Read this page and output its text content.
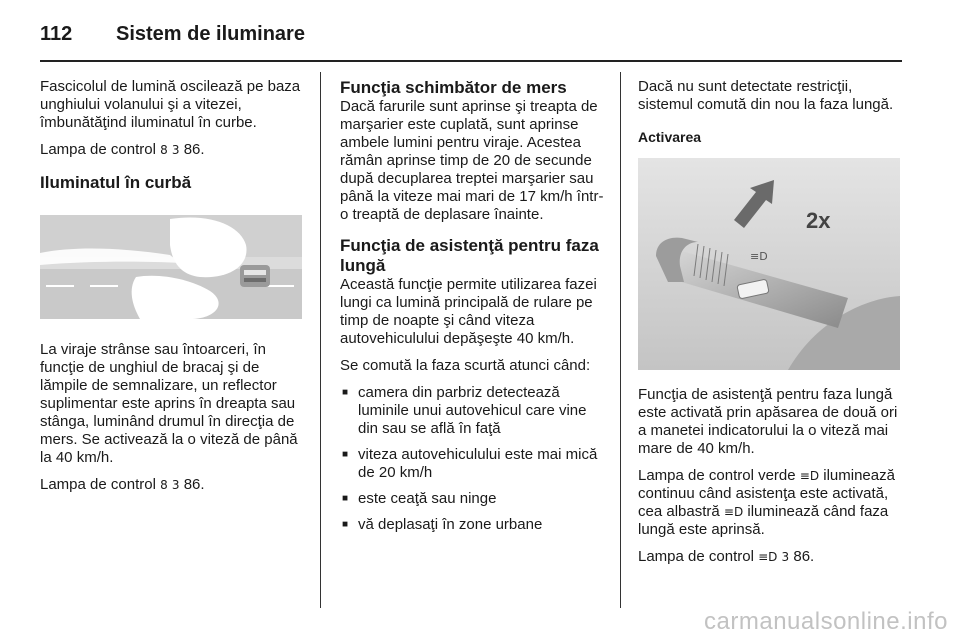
112	Sistem de iluminare

Fascicolul de lumină oscilează pe baza unghiului volanului şi a vitezei, îmbunătăţind iluminatul în curbe.

Lampa de control 8 3 86.

Iluminatul în curbă

La viraje strânse sau întoarceri, în funcţie de unghiul de bracaj şi de lămpile de semnalizare, un reflector suplimentar este aprins în dreapta sau stânga, luminând drumul în direcţia de mers. Se activează la o viteză de până la 40 km/h.

Lampa de control 8 3 86.

Funcţia schimbător de mers

Dacă farurile sunt aprinse şi treapta de marşarier este cuplată, sunt aprinse ambele lumini pentru viraje. Acestea rămân aprinse timp de 20 de secunde după decuplarea treptei marşarier sau până la viteze mai mari de 17 km/h într-o treaptă de deplasare înainte.

Funcţia de asistenţă pentru faza lungă

Această funcţie permite utilizarea fazei lungi ca lumină principală de rulare pe timp de noapte şi când viteza autovehiculului depăşeşte 40 km/h.

Se comută la faza scurtă atunci când:

■ camera din parbriz detectează luminile unui autovehicul care vine din sau se află în faţă
■ viteza autovehiculului este mai mică de 20 km/h
■ este ceaţă sau ninge
■ vă deplasaţi în zone urbane

Dacă nu sunt detectate restricţii, sistemul comută din nou la faza lungă.

Activarea
2x
≡D

Funcţia de asistenţă pentru faza lungă este activată prin apăsarea de două ori a manetei indicatorului la o viteză mai mare de 40 km/h.

Lampa de control verde ≡D iluminează continuu când asistenţa este activată, cea albastră ≡D iluminează când faza lungă este aprinsă.

Lampa de control ≡D 3 86.

carmanualsonline.info
